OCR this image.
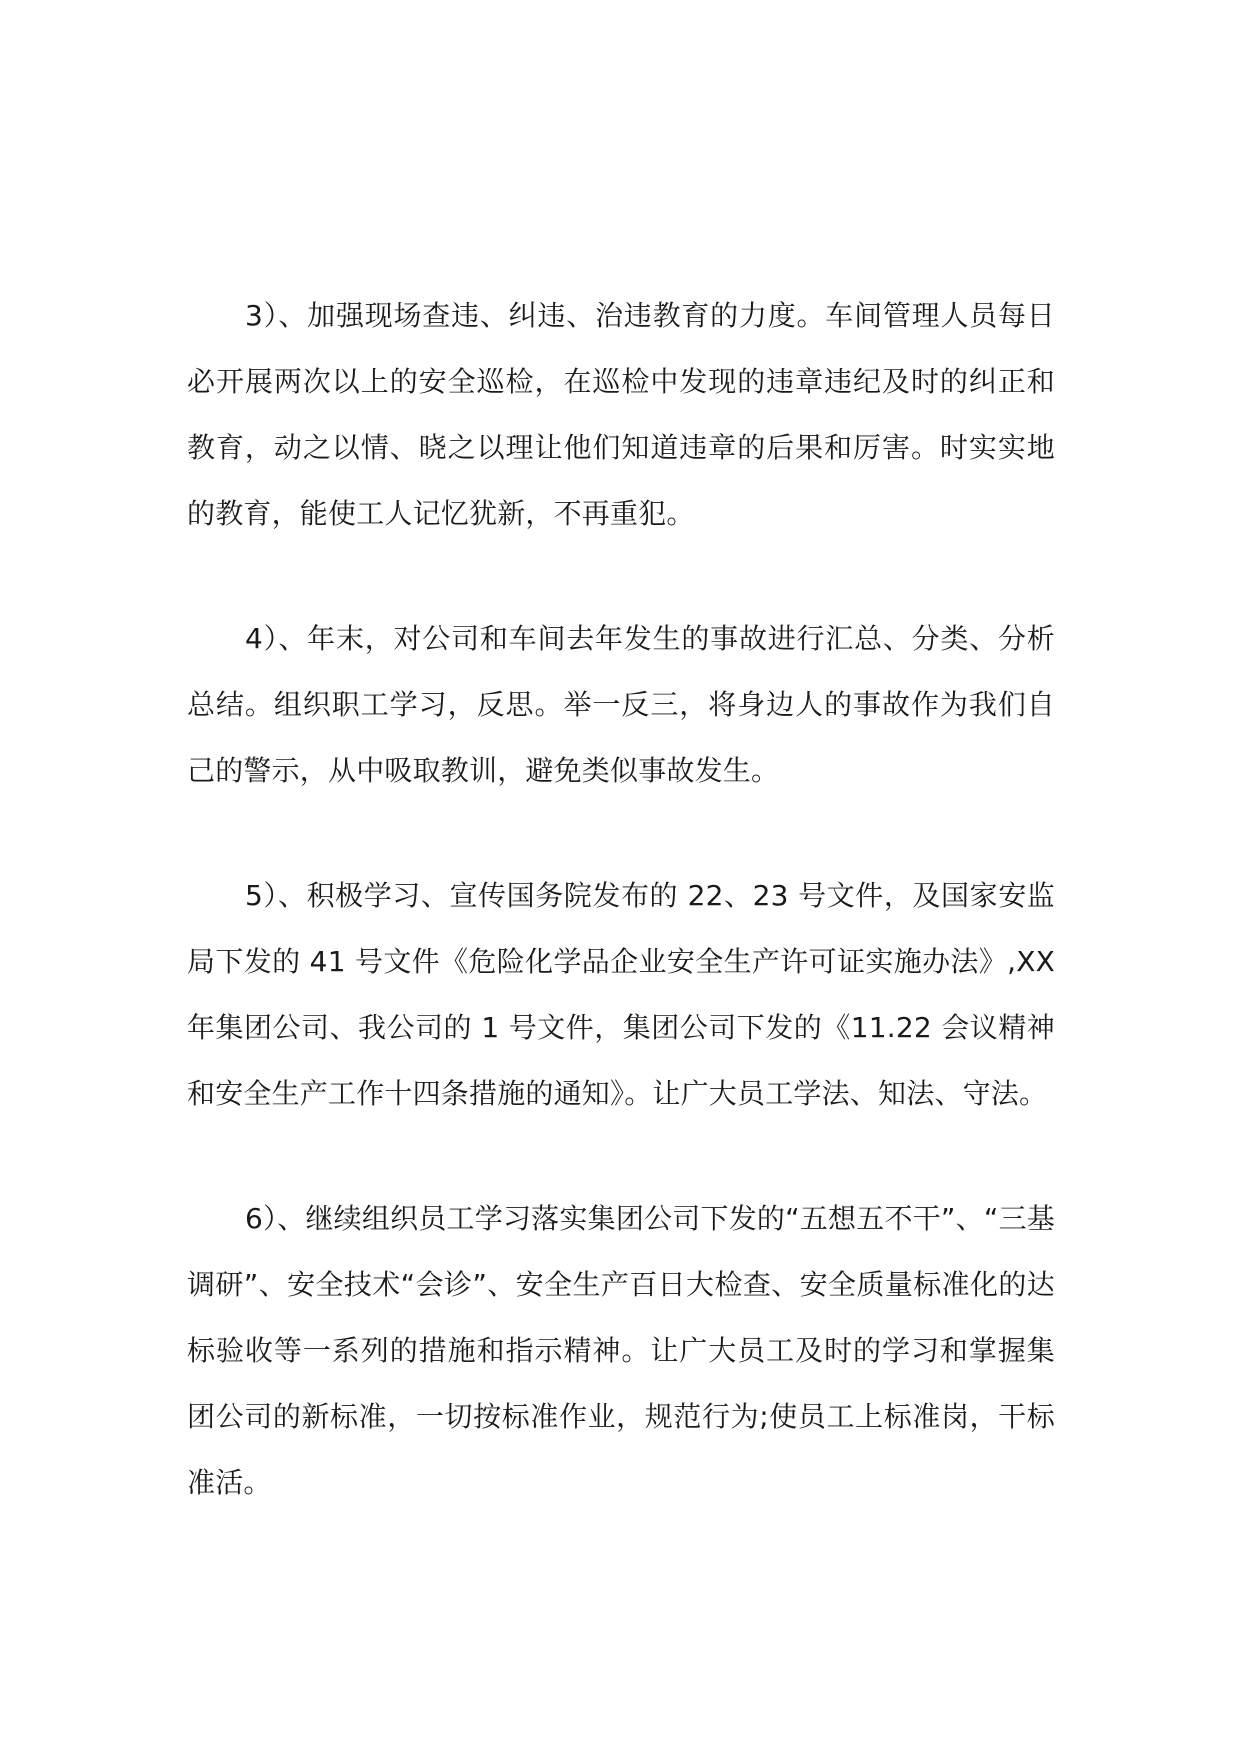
3）、加强现场查违、纠违、治违教育的力度。车间管理人员每日必开展两次以上的安全巡检，在巡检中发现的违章违纪及时的纠正和教育，动之以情、晓之以理让他们知道违章的后果和厉害。时实实地的教育，能使工人记忆犹新，不再重犯。

4）、年末，对公司和车间去年发生的事故进行汇总、分类、分析总结。组织职工学习，反思。举一反三，将身边人的事故作为我们自己的警示，从中吸取教训，避免类似事故发生。

5）、积极学习、宣传国务院发布的 22、23 号文件，及国家安监局下发的 41 号文件《危险化学品企业安全生产许可证实施办法》,XX 年集团公司、我公司的 1 号文件，集团公司下发的《11.22 会议精神和安全生产工作十四条措施的通知》。让广大员工学法、知法、守法。

6）、继续组织员工学习落实集团公司下发的“五想五不干”、“三基调研”、安全技术“会诊”、安全生产百日大检查、安全质量标准化的达标验收等一系列的措施和指示精神。让广大员工及时的学习和掌握集团公司的新标准，一切按标准作业，规范行为;使员工上标准岗，干标准活。
